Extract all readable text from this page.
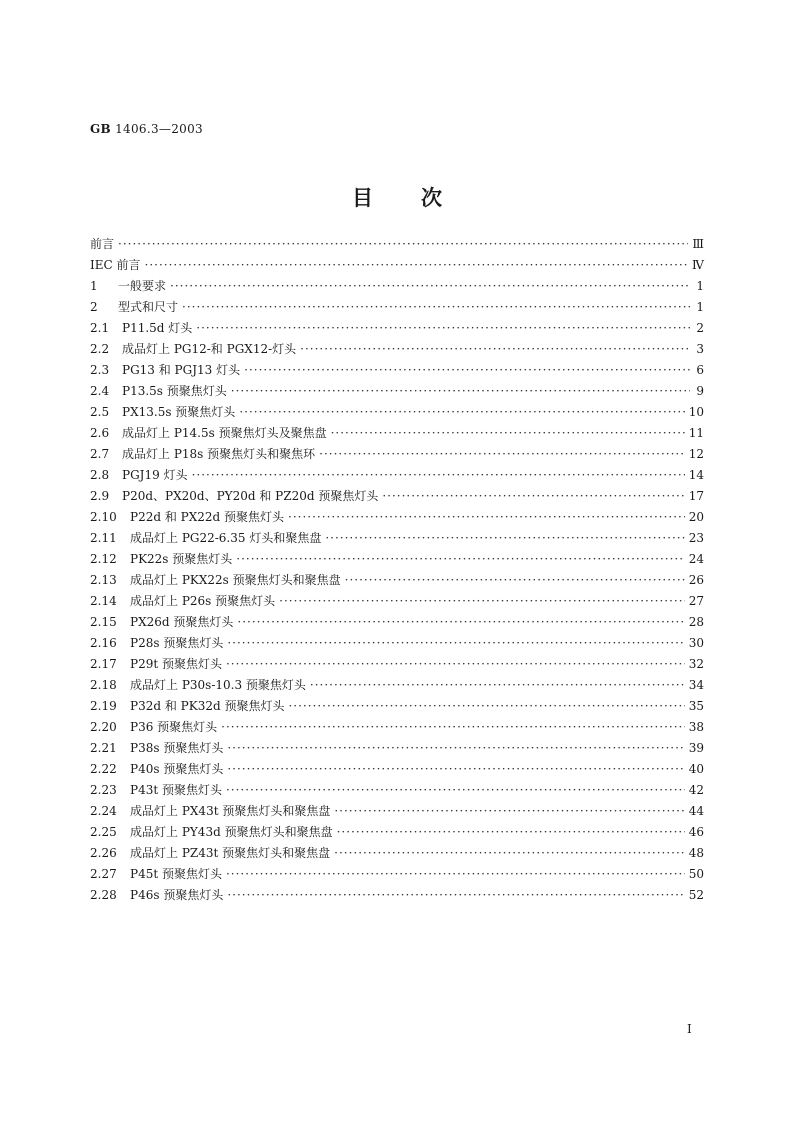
GB 1406.3—2003
目次
前言 ·····	Ⅲ
IEC 前言 ·····	Ⅳ
1	一般要求 ·····	1
2	型式和尺寸 ·····	1
2.1	P11.5d 灯头 ·····	2
2.2	成品灯上 PG12-和 PGX12-灯头 ·····	3
2.3	PG13 和 PGJ13 灯头 ·····	6
2.4	P13.5s 预聚焦灯头 ·····	9
2.5	PX13.5s 预聚焦灯头 ·····	10
2.6	成品灯上 P14.5s 预聚焦灯头及聚焦盘 ·····	11
2.7	成品灯上 P18s 预聚焦灯头和聚焦环 ·····	12
2.8	PGJ19 灯头 ·····	14
2.9	P20d、PX20d、PY20d 和 PZ20d 预聚焦灯头 ·····	17
2.10	P22d 和 PX22d 预聚焦灯头 ·····	20
2.11	成品灯上 PG22-6.35 灯头和聚焦盘 ·····	23
2.12	PK22s 预聚焦灯头 ·····	24
2.13	成品灯上 PKX22s 预聚焦灯头和聚焦盘 ·····	26
2.14	成品灯上 P26s 预聚焦灯头 ·····	27
2.15	PX26d 预聚焦灯头 ·····	28
2.16	P28s 预聚焦灯头 ·····	30
2.17	P29t 预聚焦灯头 ·····	32
2.18	成品灯上 P30s-10.3 预聚焦灯头 ·····	34
2.19	P32d 和 PK32d 预聚焦灯头 ·····	35
2.20	P36 预聚焦灯头 ·····	38
2.21	P38s 预聚焦灯头 ·····	39
2.22	P40s 预聚焦灯头 ·····	40
2.23	P43t 预聚焦灯头 ·····	42
2.24	成品灯上 PX43t 预聚焦灯头和聚焦盘 ·····	44
2.25	成品灯上 PY43d 预聚焦灯头和聚焦盘 ·····	46
2.26	成品灯上 PZ43t 预聚焦灯头和聚焦盘 ·····	48
2.27	P45t 预聚焦灯头 ·····	50
2.28	P46s 预聚焦灯头 ·····	52
I
